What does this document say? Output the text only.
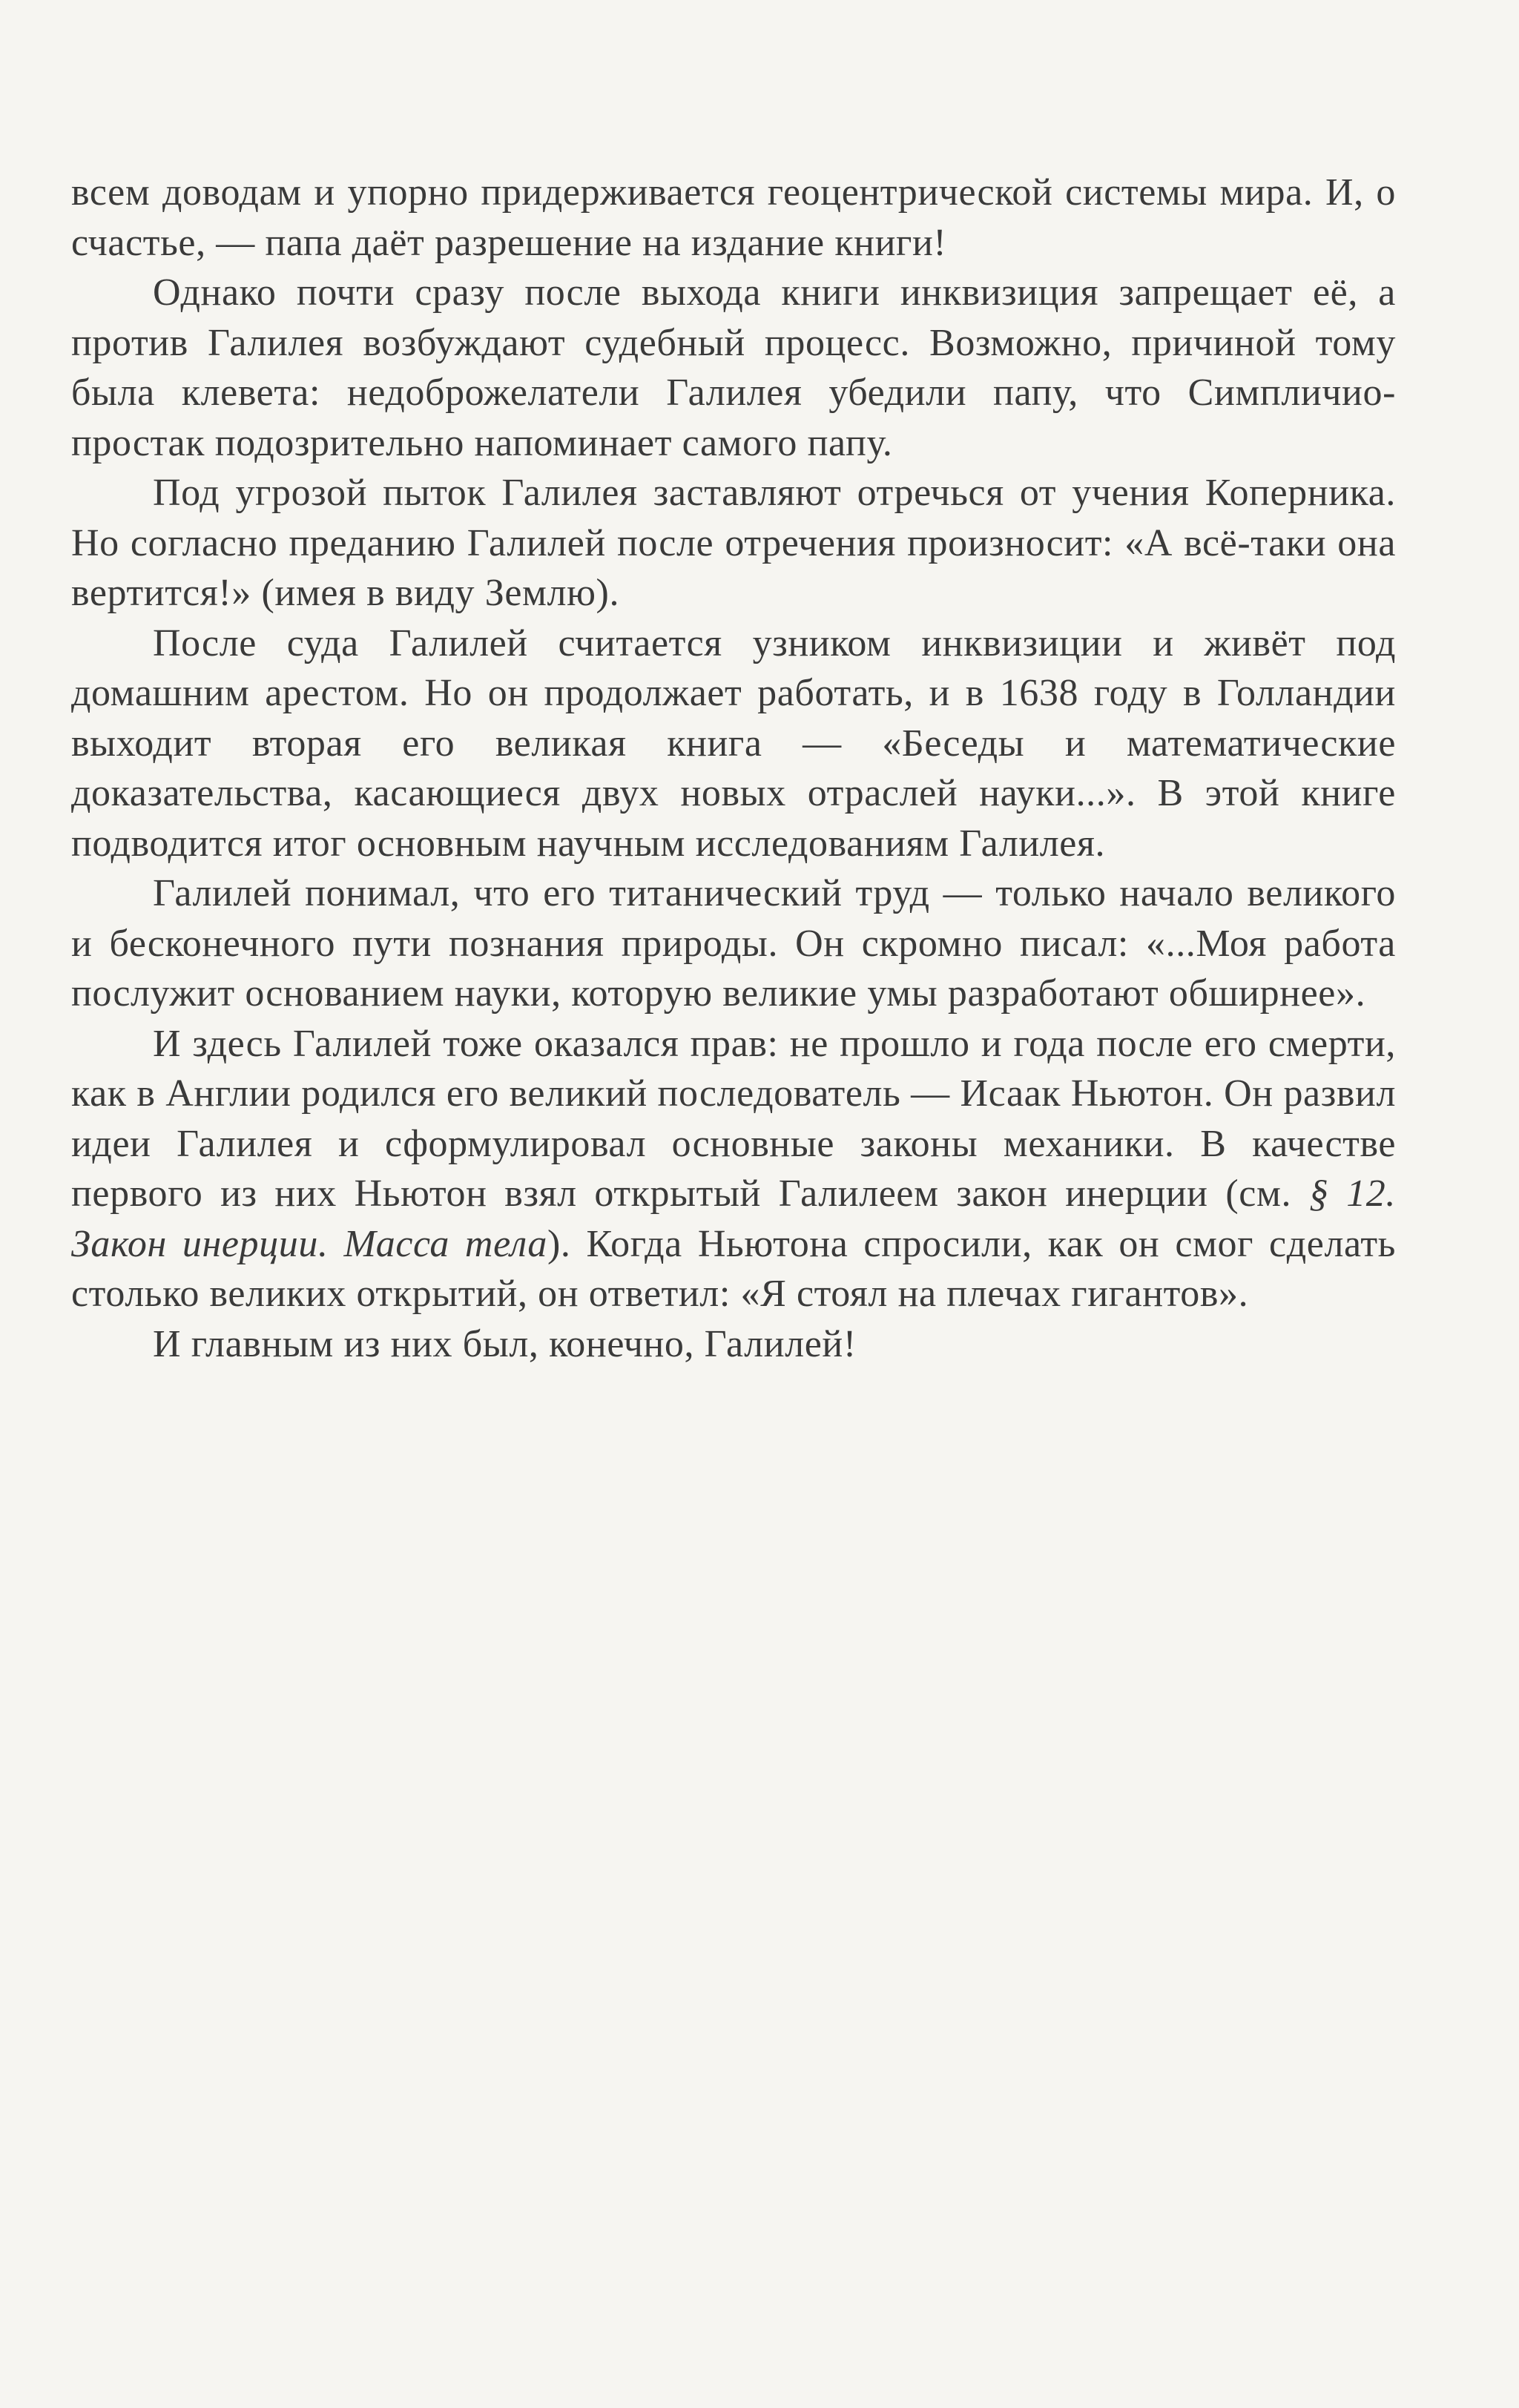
всем доводам и упорно придерживается геоцентрической системы мира. И, о счастье, — папа даёт разрешение на издание книги!

Однако почти сразу после выхода книги инквизиция запрещает её, а против Галилея возбуждают судебный процесс. Возможно, причиной тому была клевета: недоброжелатели Галилея убедили папу, что Симпличио-простак подозрительно напоминает самого папу.

Под угрозой пыток Галилея заставляют отречься от учения Коперника. Но согласно преданию Галилей после отречения произносит: «А всё-таки она вертится!» (имея в виду Землю).

После суда Галилей считается узником инквизиции и живёт под домашним арестом. Но он продолжает работать, и в 1638 году в Голландии выходит вторая его великая книга — «Беседы и математические доказательства, касающиеся двух новых отраслей науки...». В этой книге подводится итог основным научным исследованиям Галилея.

Галилей понимал, что его титанический труд — только начало великого и бесконечного пути познания природы. Он скромно писал: «...Моя работа послужит основанием науки, которую великие умы разработают обширнее».

И здесь Галилей тоже оказался прав: не прошло и года после его смерти, как в Англии родился его великий последователь — Исаак Ньютон. Он развил идеи Галилея и сформулировал основные законы механики. В качестве первого из них Ньютон взял открытый Галилеем закон инерции (см. § 12. Закон инерции. Масса тела). Когда Ньютона спросили, как он смог сделать столько великих открытий, он ответил: «Я стоял на плечах гигантов».

И главным из них был, конечно, Галилей!
